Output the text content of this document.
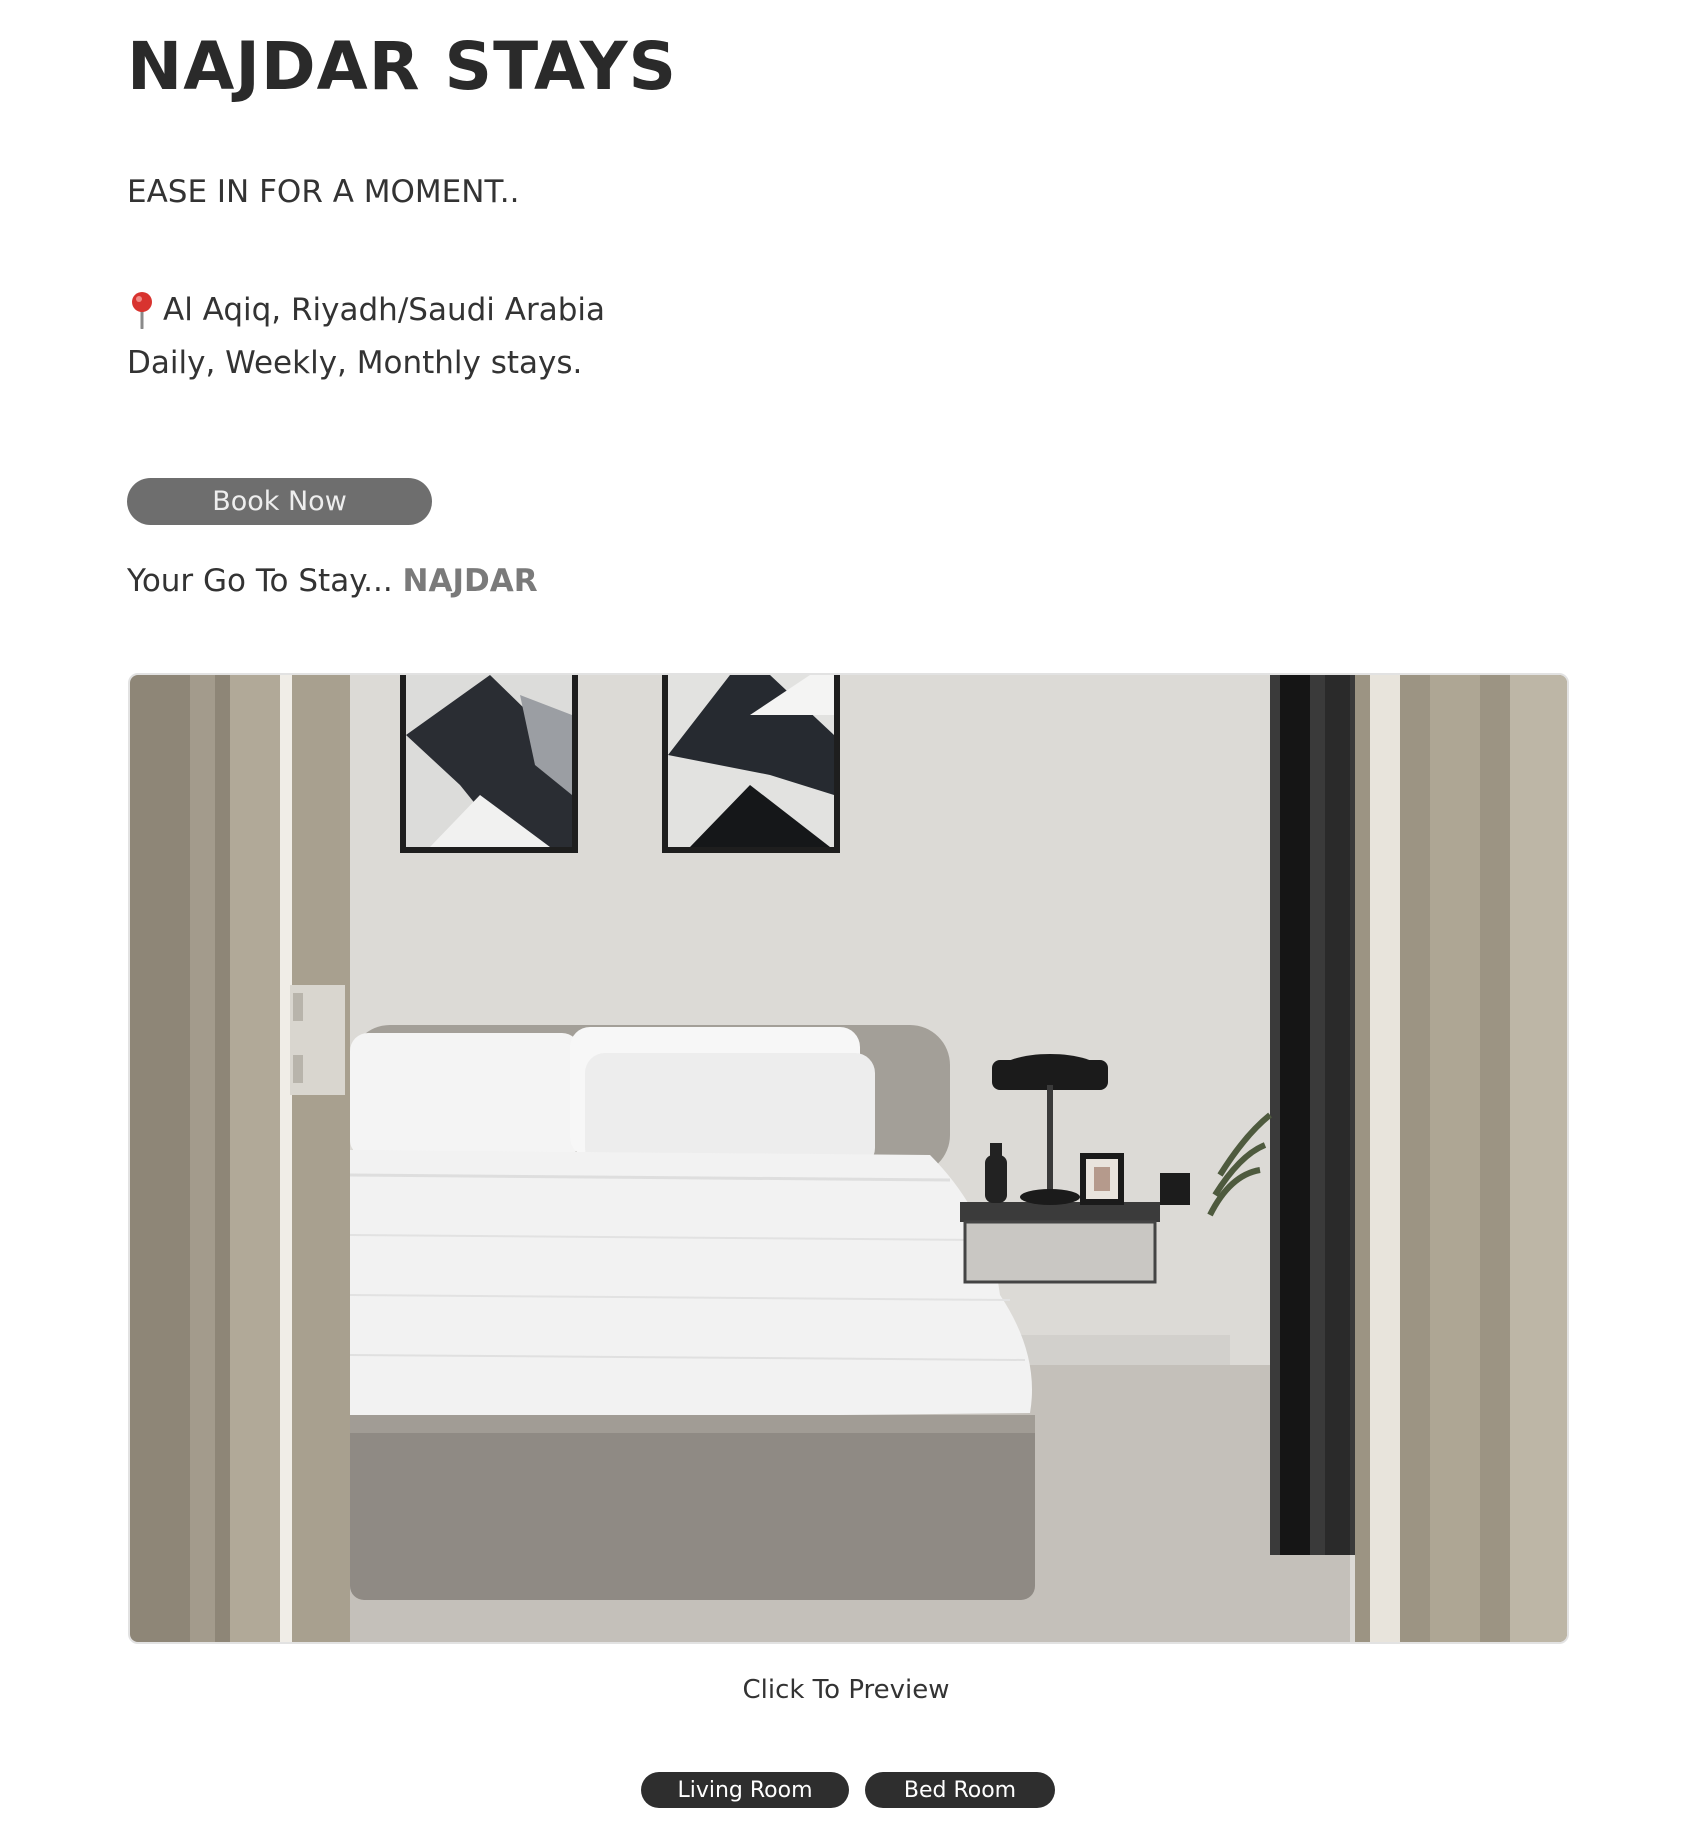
NAJDAR STAYS
EASE IN FOR A MOMENT..
Al Aqiq, Riyadh/Saudi Arabia
Daily, Weekly, Monthly stays.
Book Now
Your Go To Stay... NAJDAR
Click To Preview
Living Room	Bed Room
